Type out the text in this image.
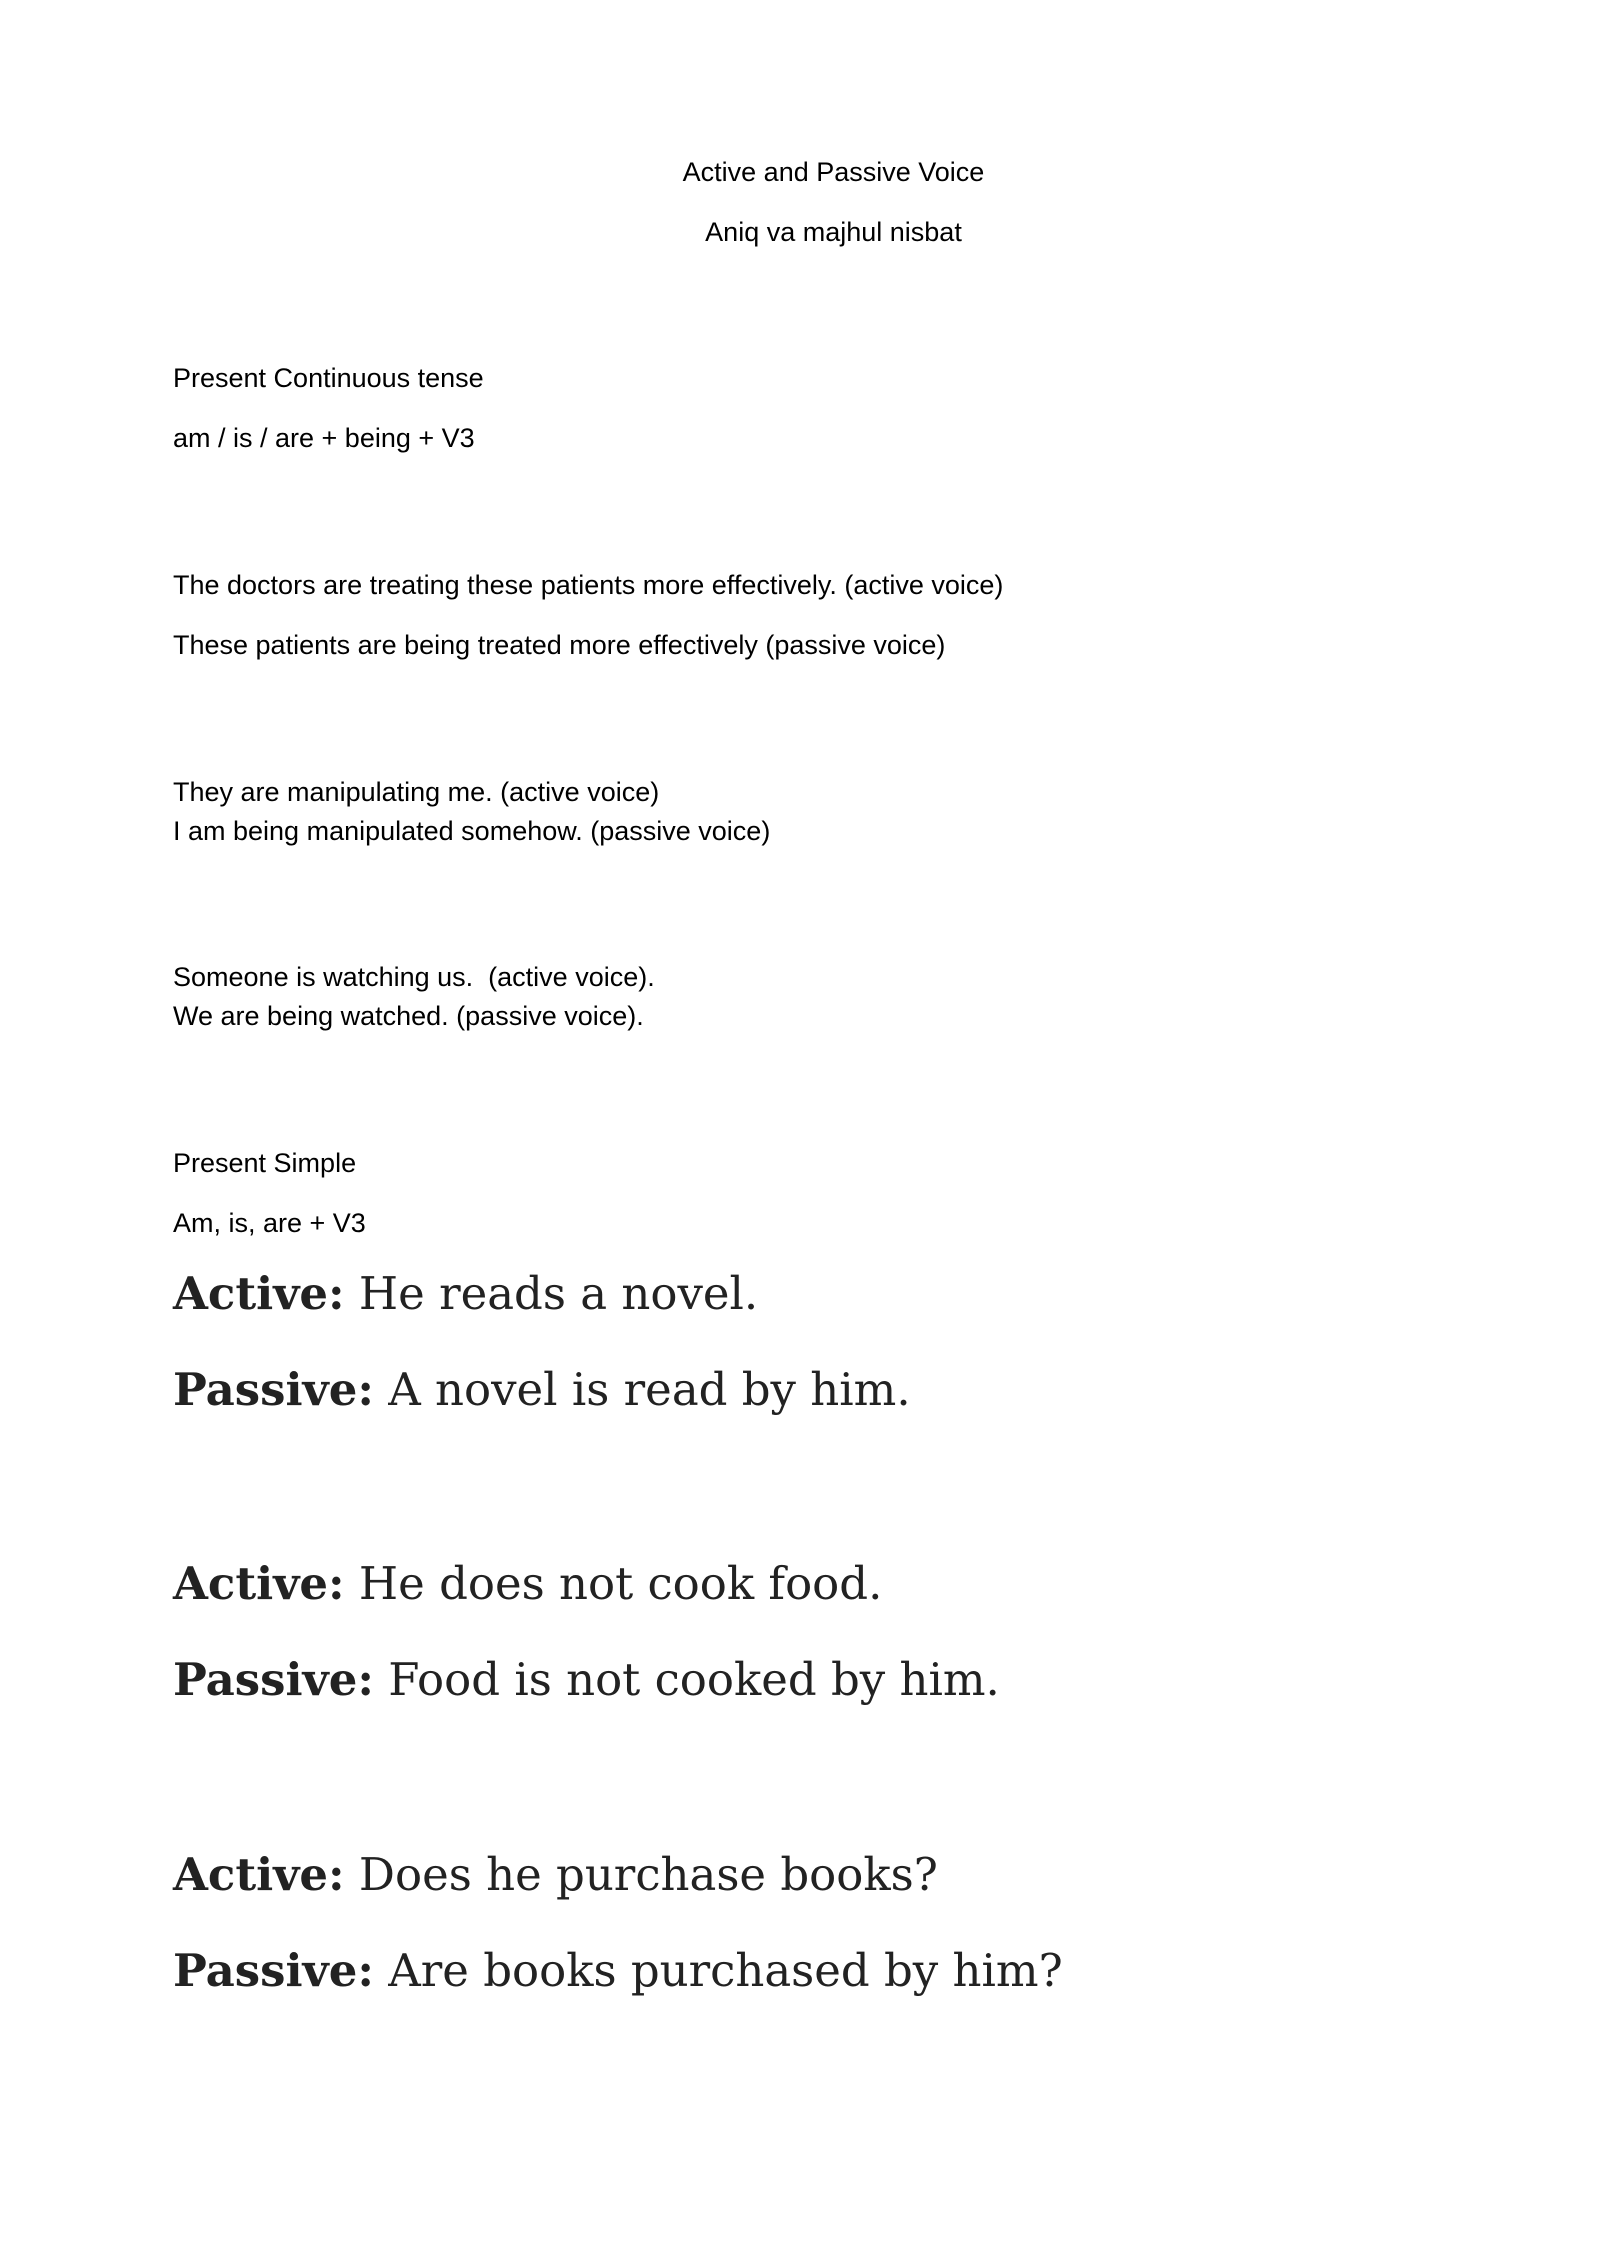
Active and Passive Voice
Aniq va majhul nisbat
Present Continuous tense
am / is / are + being + V3
The doctors are treating these patients more effectively. (active voice)
These patients are being treated more effectively (passive voice)
They are manipulating me. (active voice)
I am being manipulated somehow. (passive voice)
Someone is watching us.  (active voice).
We are being watched. (passive voice).
Present Simple
Am, is, are + V3
Active: He reads a novel.
Passive: A novel is read by him.
Active: He does not cook food.
Passive: Food is not cooked by him.
Active: Does he purchase books?
Passive: Are books purchased by him?
